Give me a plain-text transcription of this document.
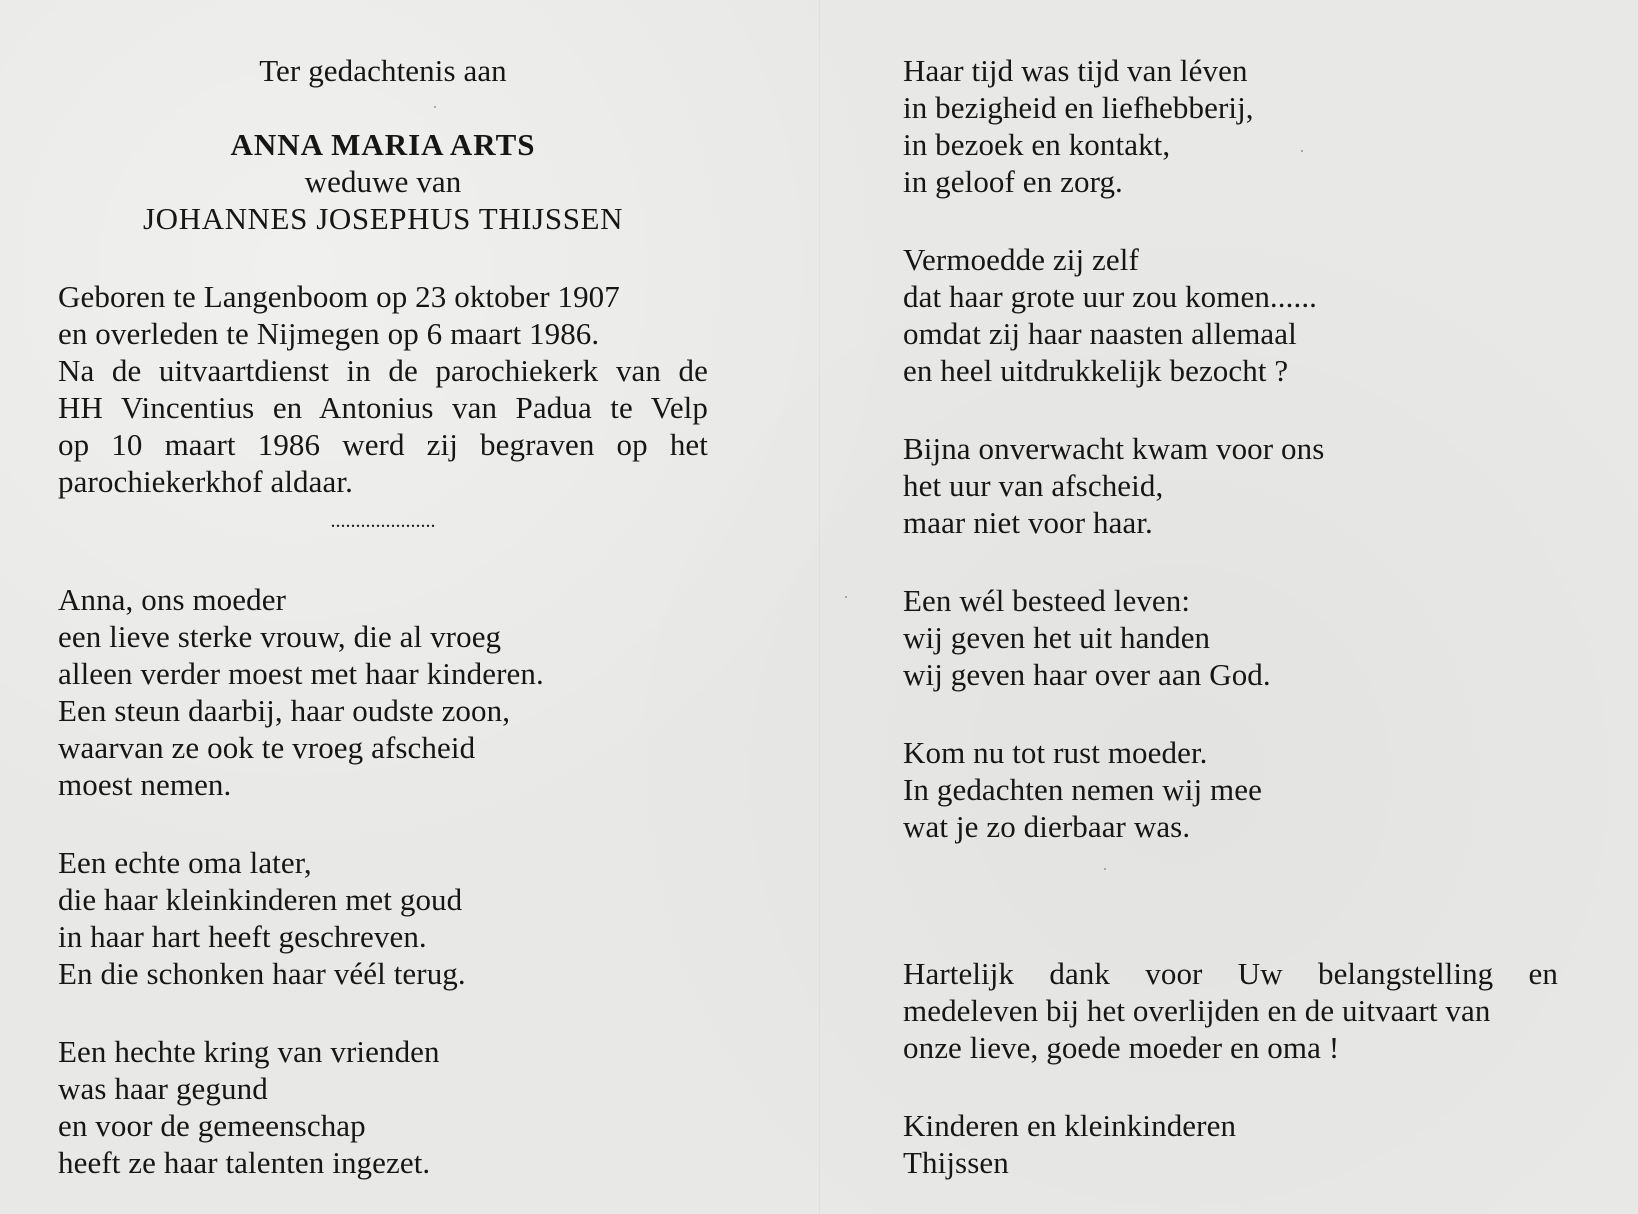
Ter gedachtenis aan
ANNA MARIA ARTS
weduwe van
JOHANNES JOSEPHUS THIJSSEN
Geboren te Langenboom op 23 oktober 1907
en overleden te Nijmegen op 6 maart 1986.
Na de uitvaartdienst in de parochiekerk van de
HH Vincentius en Antonius van Padua te Velp
op 10 maart 1986 werd zij begraven op het
parochiekerkhof aldaar.
.....................
Anna, ons moeder
een lieve sterke vrouw, die al vroeg
alleen verder moest met haar kinderen.
Een steun daarbij, haar oudste zoon,
waarvan ze ook te vroeg afscheid
moest nemen.
Een echte oma later,
die haar kleinkinderen met goud
in haar hart heeft geschreven.
En die schonken haar véél terug.
Een hechte kring van vrienden
was haar gegund
en voor de gemeenschap
heeft ze haar talenten ingezet.
Haar tijd was tijd van léven
in bezigheid en liefhebberij,
in bezoek en kontakt,
in geloof en zorg.
Vermoedde zij zelf
dat haar grote uur zou komen......
omdat zij haar naasten allemaal
en heel uitdrukkelijk bezocht ?
Bijna onverwacht kwam voor ons
het uur van afscheid,
maar niet voor haar.
Een wél besteed leven:
wij geven het uit handen
wij geven haar over aan God.
Kom nu tot rust moeder.
In gedachten nemen wij mee
wat je zo dierbaar was.
Hartelijk dank voor Uw belangstelling en
medeleven bij het overlijden en de uitvaart van
onze lieve, goede moeder en oma !
Kinderen en kleinkinderen
Thijssen
